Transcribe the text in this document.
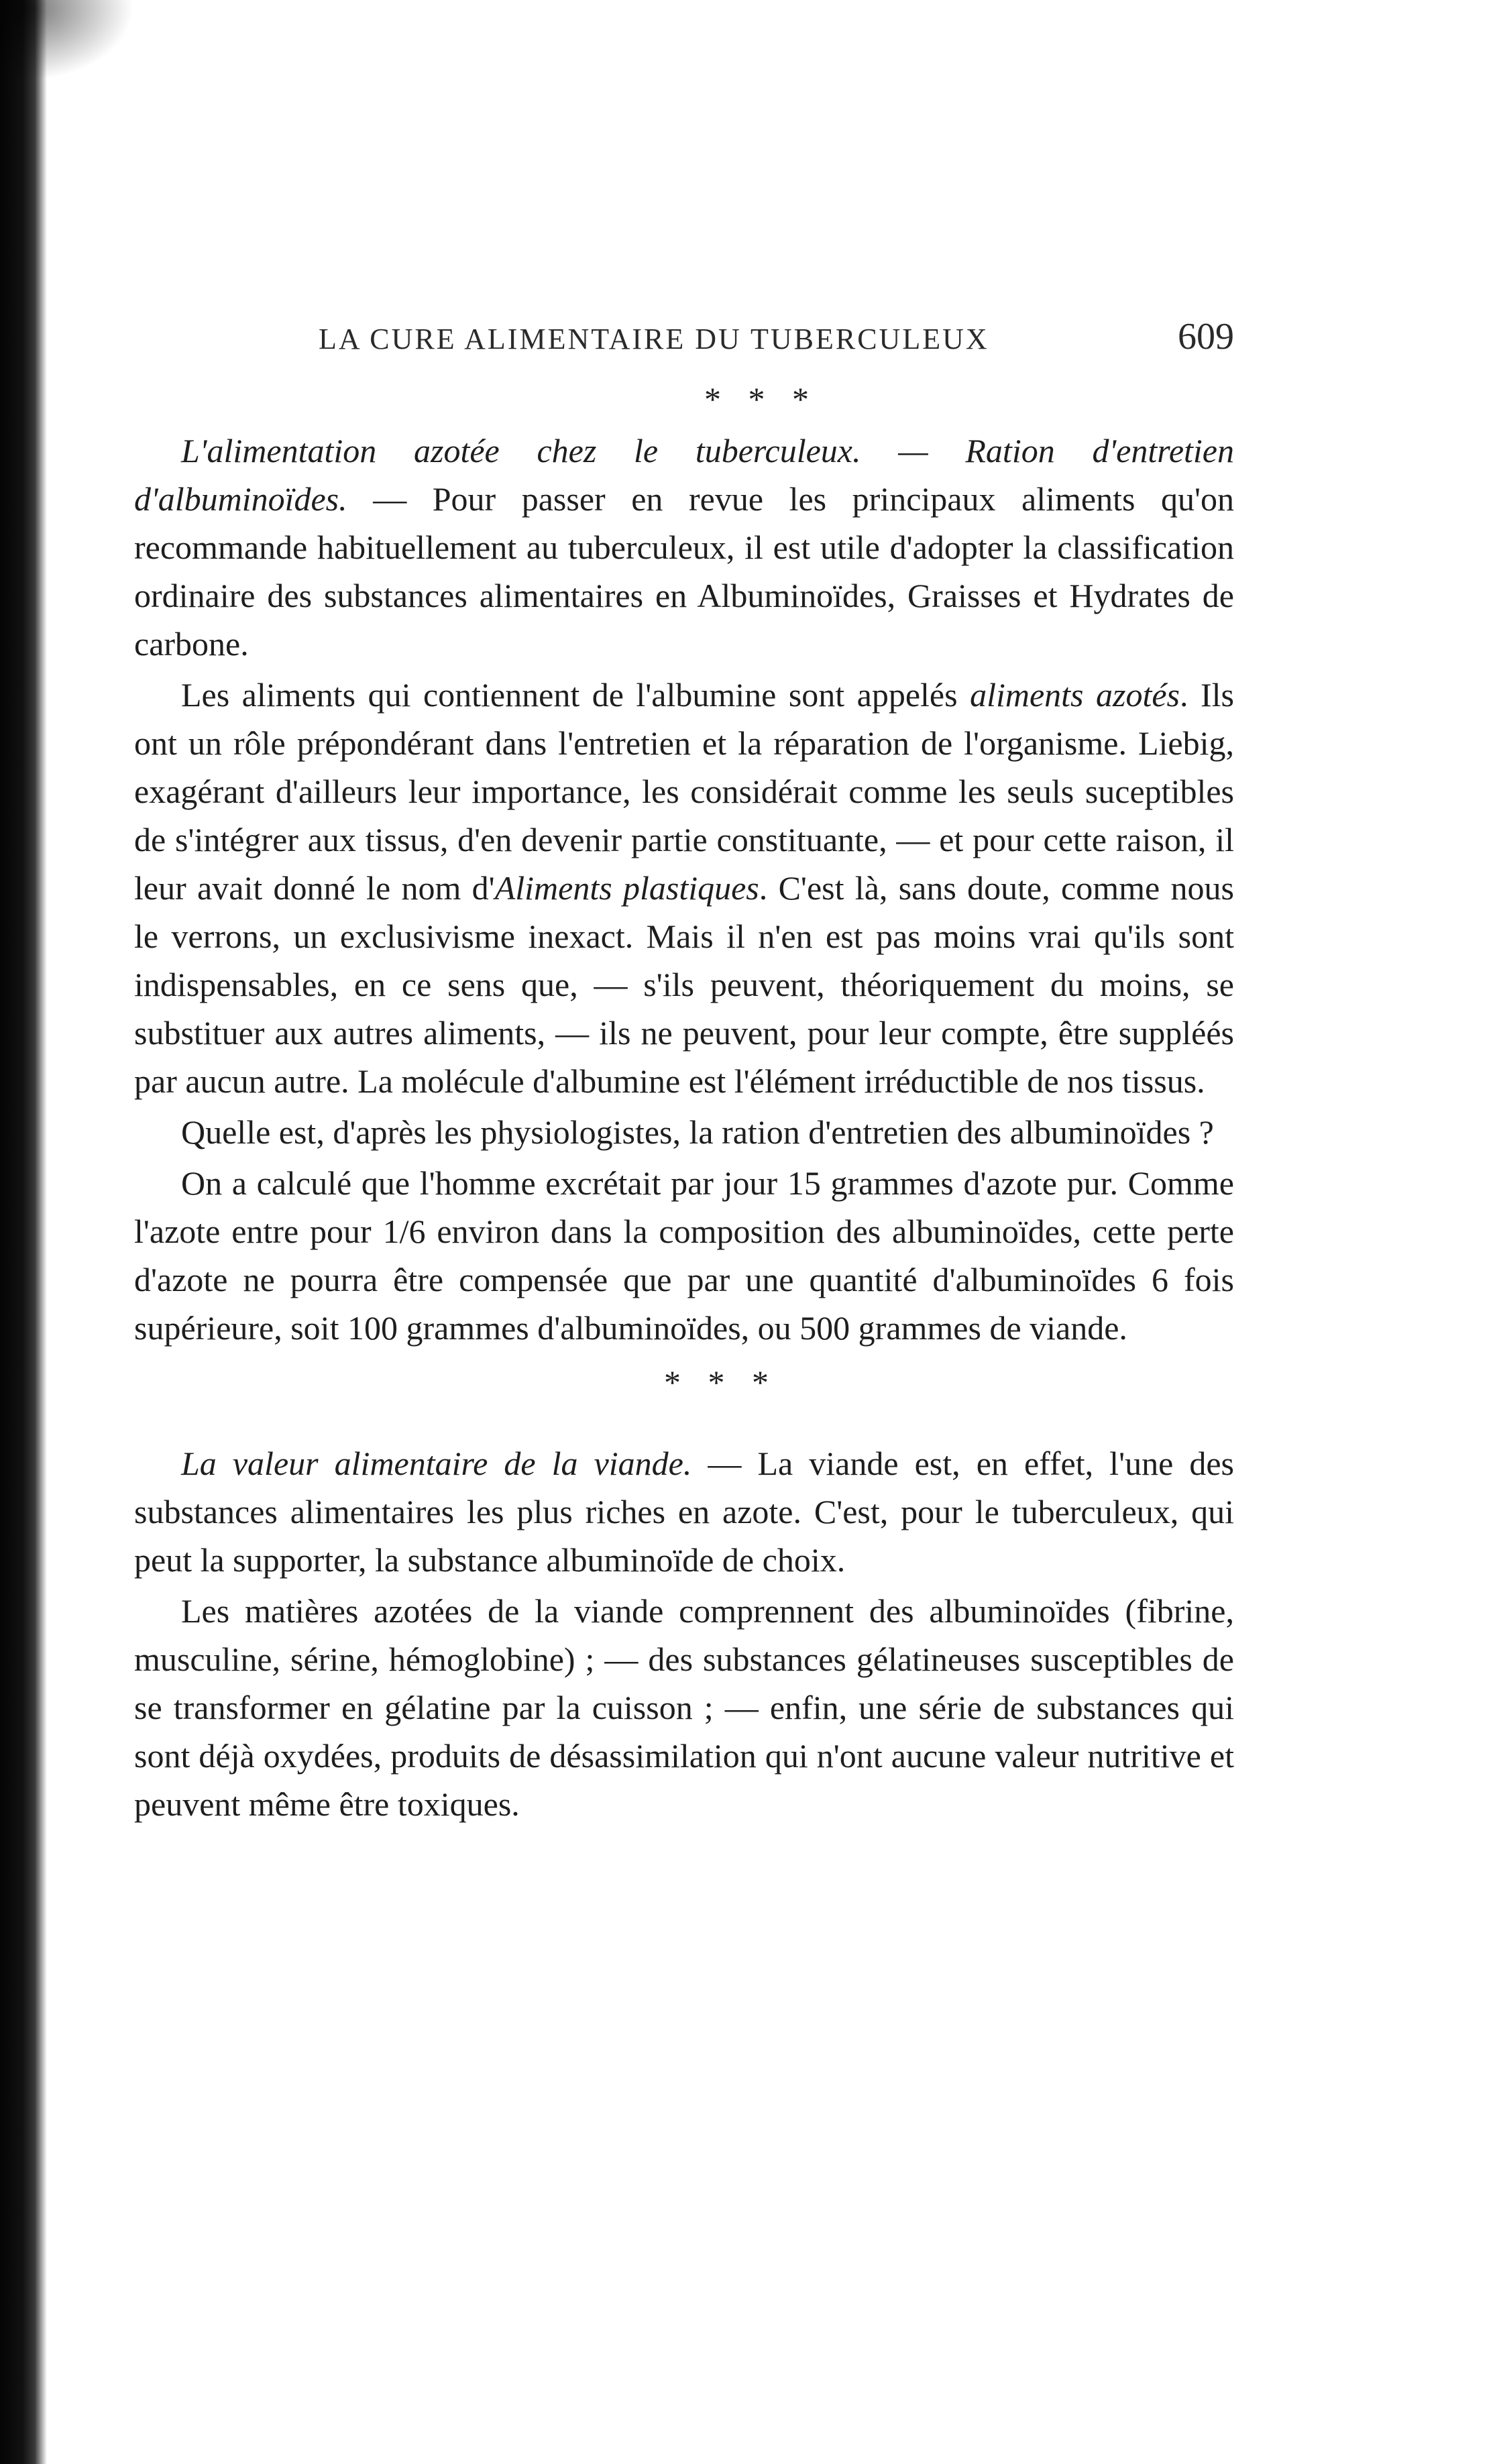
LA CURE ALIMENTAIRE DU TUBERCULEUX	609
* * *

L'alimentation azotée chez le tuberculeux. — Ration d'entretien d'albuminoïdes. — Pour passer en revue les principaux aliments qu'on recommande habituellement au tuberculeux, il est utile d'adopter la classification ordinaire des substances alimentaires en Albuminoïdes, Graisses et Hydrates de carbone.

Les aliments qui contiennent de l'albumine sont appelés aliments azotés. Ils ont un rôle prépondérant dans l'entretien et la réparation de l'organisme. Liebig, exagérant d'ailleurs leur importance, les considérait comme les seuls suceptibles de s'intégrer aux tissus, d'en devenir partie constituante, — et pour cette raison, il leur avait donné le nom d'Aliments plastiques. C'est là, sans doute, comme nous le verrons, un exclusivisme inexact. Mais il n'en est pas moins vrai qu'ils sont indispensables, en ce sens que, — s'ils peuvent, théoriquement du moins, se substituer aux autres aliments, — ils ne peuvent, pour leur compte, être suppléés par aucun autre. La molécule d'albumine est l'élément irréductible de nos tissus.

Quelle est, d'après les physiologistes, la ration d'entretien des albuminoïdes ?

On a calculé que l'homme excrétait par jour 15 grammes d'azote pur. Comme l'azote entre pour 1/6 environ dans la composition des albuminoïdes, cette perte d'azote ne pourra être compensée que par une quantité d'albuminoïdes 6 fois supérieure, soit 100 grammes d'albuminoïdes, ou 500 grammes de viande.

* * *

La valeur alimentaire de la viande. — La viande est, en effet, l'une des substances alimentaires les plus riches en azote. C'est, pour le tuberculeux, qui peut la supporter, la substance albuminoïde de choix.

Les matières azotées de la viande comprennent des albuminoïdes (fibrine, musculine, sérine, hémoglobine) ; — des substances gélatineuses susceptibles de se transformer en gélatine par la cuisson ; — enfin, une série de substances qui sont déjà oxydées, produits de désassimilation qui n'ont aucune valeur nutritive et peuvent même être toxiques.
